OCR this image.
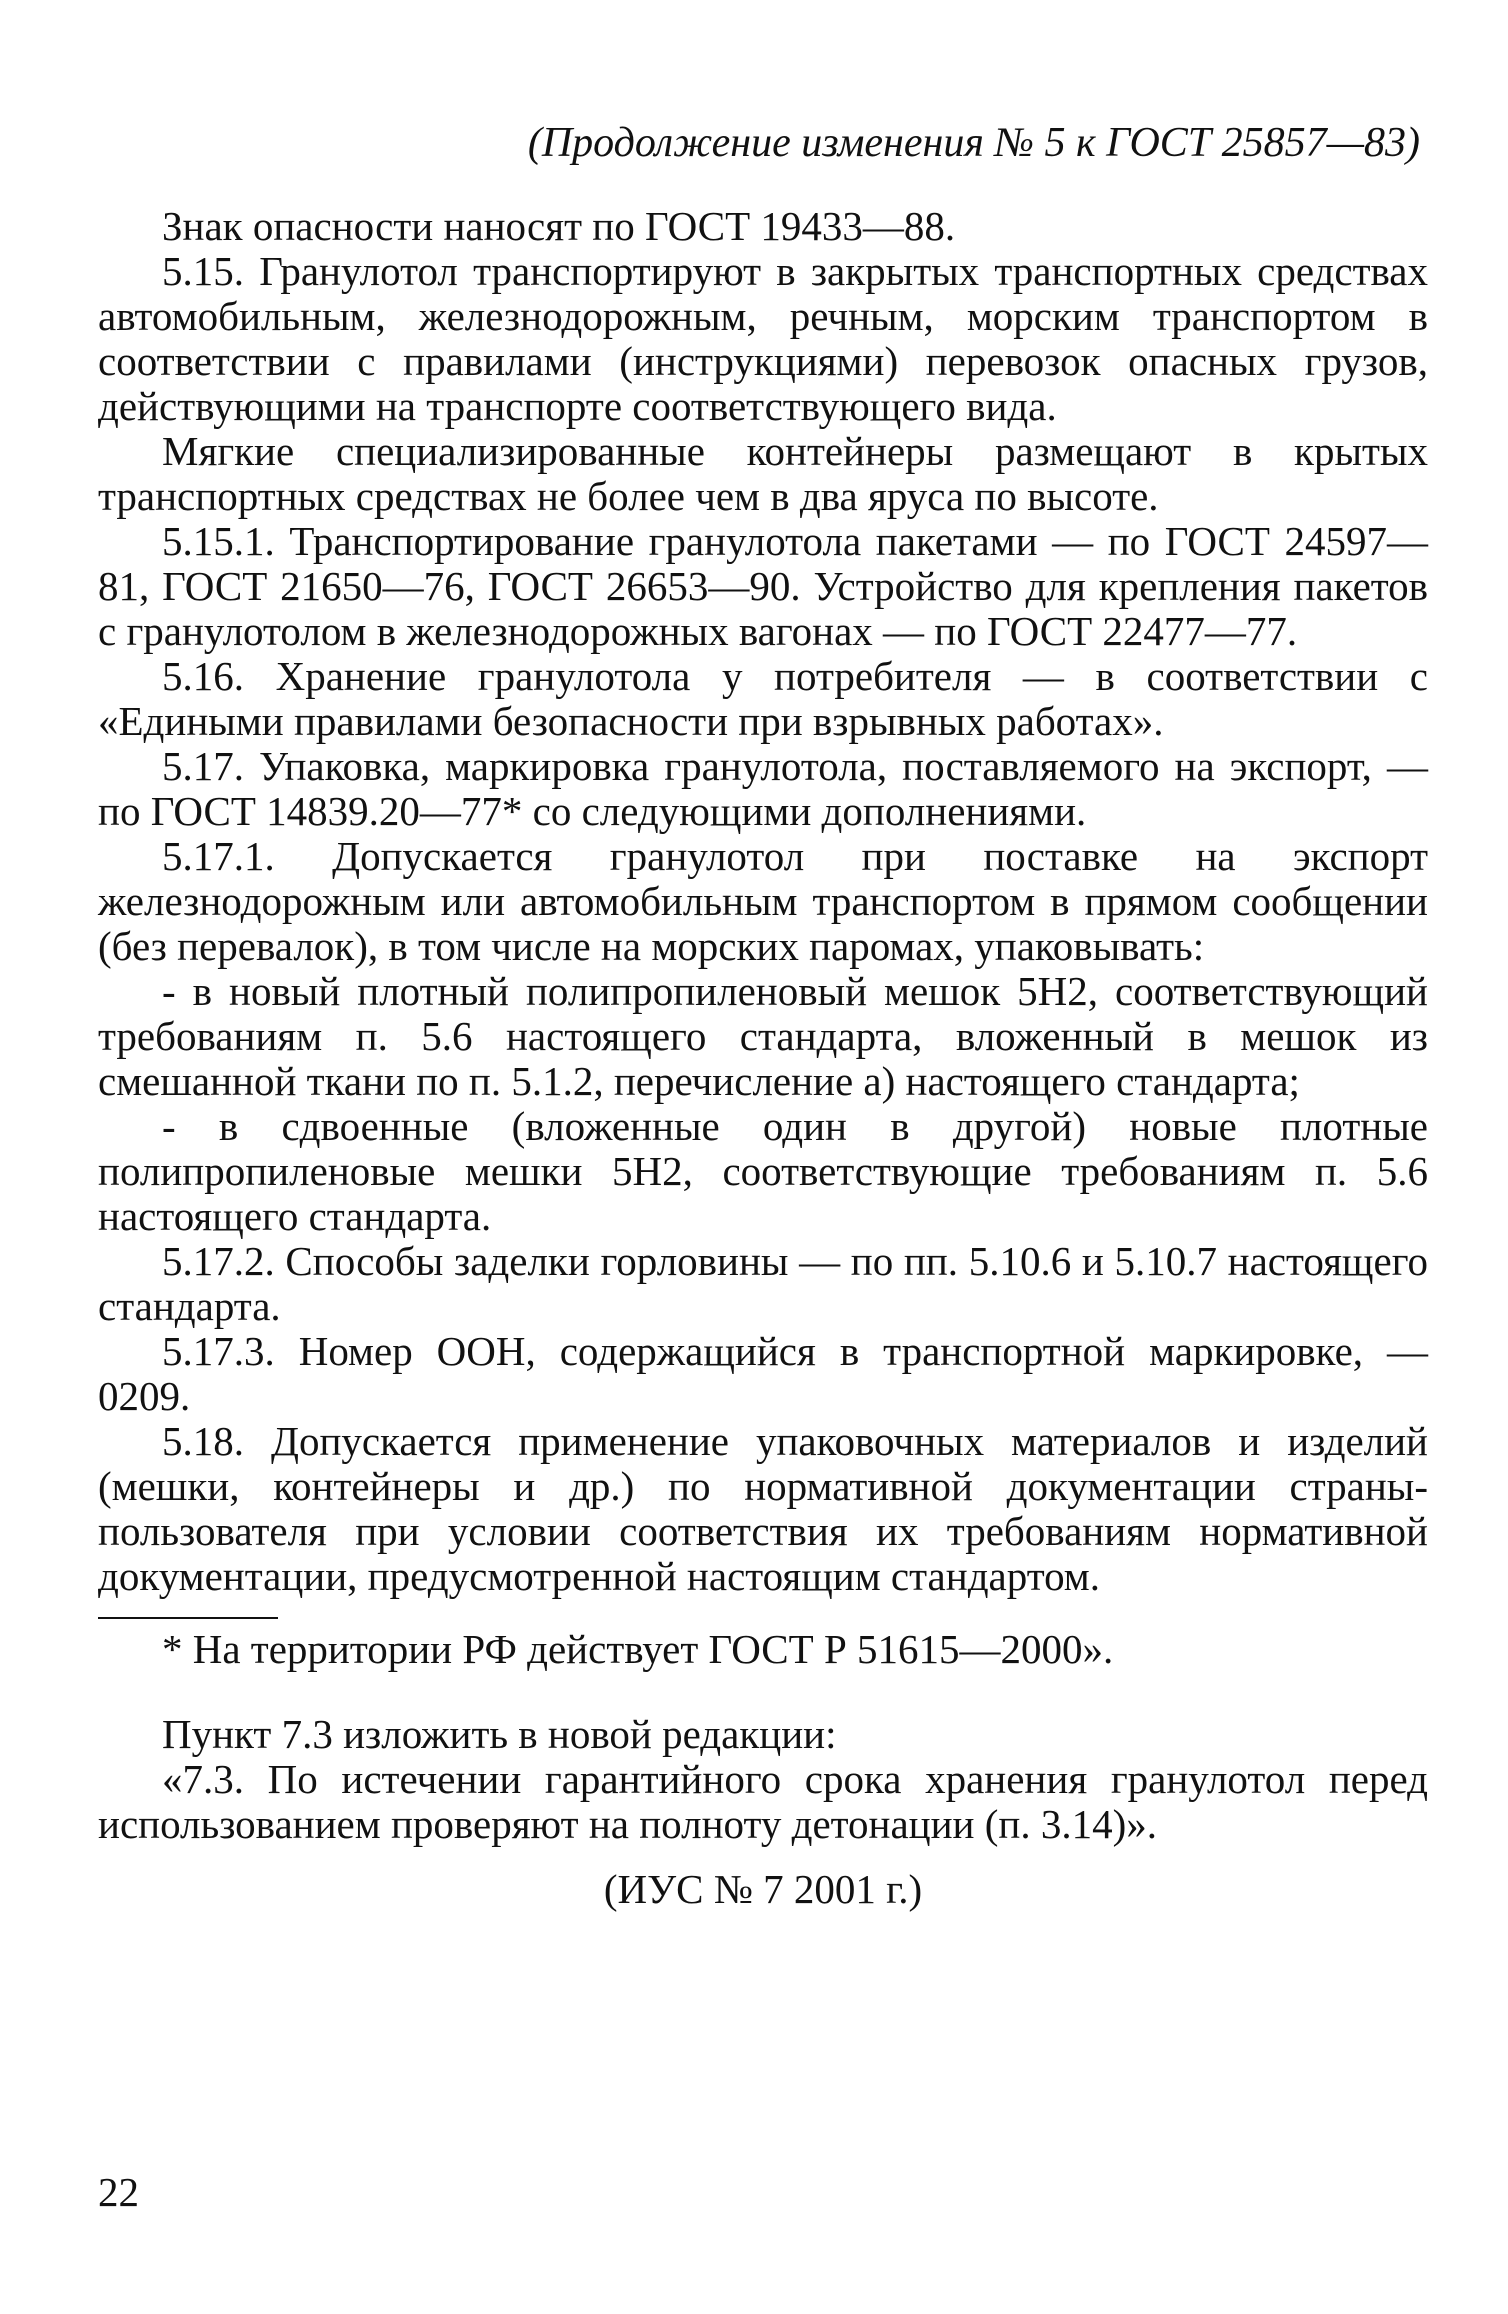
(Продолжение изменения № 5 к ГОСТ 25857—83)

Знак опасности наносят по ГОСТ 19433—88.

5.15. Гранулотол транспортируют в закрытых транспортных средствах автомобильным, железнодорожным, речным, морским транспортом в соответствии с правилами (инструкциями) перевозок опасных грузов, действующими на транспорте соответствующего вида.

Мягкие специализированные контейнеры размещают в крытых транспортных средствах не более чем в два яруса по высоте.

5.15.1. Транспортирование гранулотола пакетами — по ГОСТ 24597—81, ГОСТ 21650—76, ГОСТ 26653—90. Устройство для крепления пакетов с гранулотолом в железнодорожных вагонах — по ГОСТ 22477—77.

5.16. Хранение гранулотола у потребителя — в соответствии с «Едиными правилами безопасности при взрывных работах».

5.17. Упаковка, маркировка гранулотола, поставляемого на экспорт, — по ГОСТ 14839.20—77* со следующими дополнениями.

5.17.1. Допускается гранулотол при поставке на экспорт железнодорожным или автомобильным транспортом в прямом сообщении (без перевалок), в том числе на морских паромах, упаковывать:

- в новый плотный полипропиленовый мешок 5Н2, соответствующий требованиям п. 5.6 настоящего стандарта, вложенный в мешок из смешанной ткани по п. 5.1.2, перечисление а) настоящего стандарта;

- в сдвоенные (вложенные один в другой) новые плотные полипропиленовые мешки 5Н2, соответствующие требованиям п. 5.6 настоящего стандарта.

5.17.2. Способы заделки горловины — по пп. 5.10.6 и 5.10.7 настоящего стандарта.

5.17.3. Номер ООН, содержащийся в транспортной маркировке, — 0209.

5.18. Допускается применение упаковочных материалов и изделий (мешки, контейнеры и др.) по нормативной документации страны-пользователя при условии соответствия их требованиям нормативной документации, предусмотренной настоящим стандартом.

* На территории РФ действует ГОСТ Р 51615—2000».

Пункт 7.3 изложить в новой редакции:

«7.3. По истечении гарантийного срока хранения гранулотол перед использованием проверяют на полноту детонации (п. 3.14)».

(ИУС № 7 2001 г.)

22
